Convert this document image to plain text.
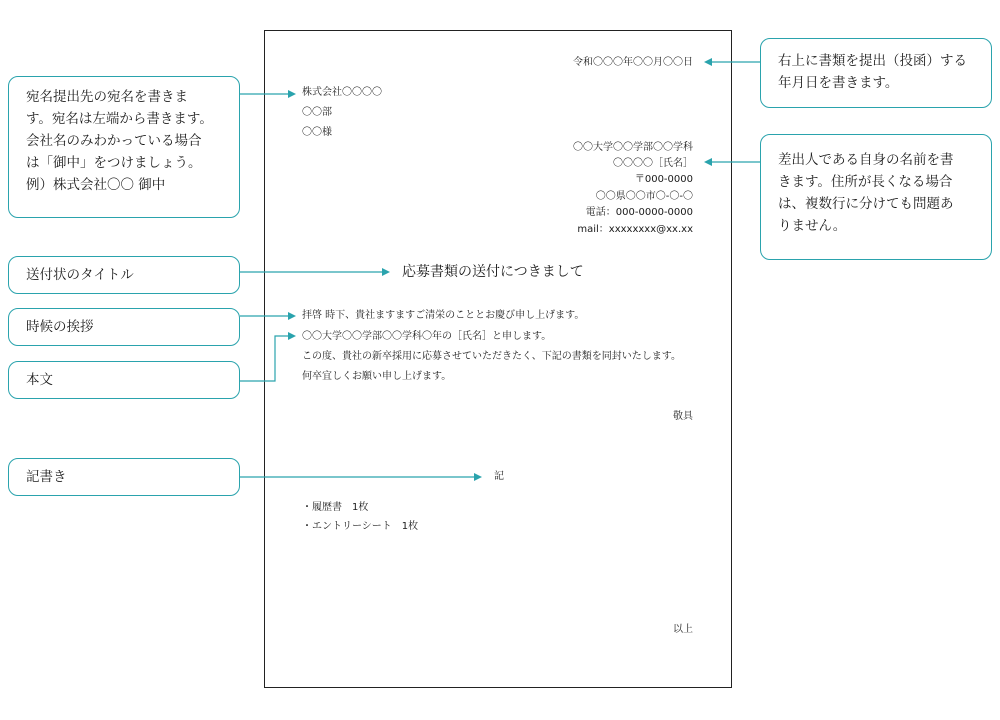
令和〇〇〇年〇〇月〇〇日
株式会社〇〇〇〇
〇〇部
〇〇様
〇〇大学〇〇学部〇〇学科
〇〇〇〇［氏名］
〒000-0000
〇〇県〇〇市〇-〇-〇
電話：000-0000-0000
mail：xxxxxxxx@xx.xx
応募書類の送付につきまして
拝啓 時下、貴社ますますご清栄のこととお慶び申し上げます。
〇〇大学〇〇学部〇〇学科〇年の［氏名］と申します。
この度、貴社の新卒採用に応募させていただきたく、下記の書類を同封いたします。
何卒宜しくお願い申し上げます。
敬具
記
・履歴書　1枚
・エントリーシート　1枚
以上
宛名提出先の宛名を書きま
す。宛名は左端から書きます。
会社名のみわかっている場合
は「御中」をつけましょう。
例）株式会社〇〇 御中
送付状のタイトル
時候の挨拶
本文
記書き
右上に書類を提出（投函）する
年月日を書きます。
差出人である自身の名前を書
きます。住所が長くなる場合
は、複数行に分けても問題あ
りません。
